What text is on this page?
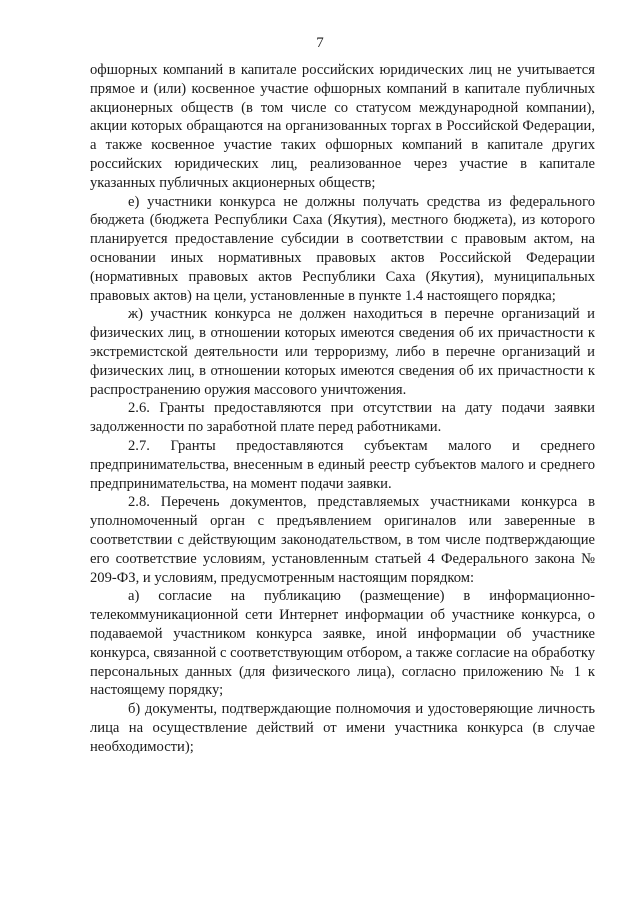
7

офшорных компаний в капитале российских юридических лиц не учитывается прямое и (или) косвенное участие офшорных компаний в капитале публичных акционерных обществ (в том числе со статусом международной компании), акции которых обращаются на организованных торгах в Российской Федерации, а также косвенное участие таких офшорных компаний в капитале других российских юридических лиц, реализованное через участие в капитале указанных публичных акционерных обществ;

е) участники конкурса не должны получать средства из федерального бюджета (бюджета Республики Саха (Якутия), местного бюджета), из которого планируется предоставление субсидии в соответствии с правовым актом, на основании иных нормативных правовых актов Российской Федерации (нормативных правовых актов Республики Саха (Якутия), муниципальных правовых актов) на цели, установленные в пункте 1.4 настоящего порядка;

ж) участник конкурса не должен находиться в перечне организаций и физических лиц, в отношении которых имеются сведения об их причастности к экстремистской деятельности или терроризму, либо в перечне организаций и физических лиц, в отношении которых имеются сведения об их причастности к распространению оружия массового уничтожения.

2.6. Гранты предоставляются при отсутствии на дату подачи заявки задолженности по заработной плате перед работниками.

2.7. Гранты предоставляются субъектам малого и среднего предпринимательства, внесенным в единый реестр субъектов малого и среднего предпринимательства, на момент подачи заявки.

2.8. Перечень документов, представляемых участниками конкурса в уполномоченный орган с предъявлением оригиналов или заверенные в соответствии с действующим законодательством, в том числе подтверждающие его соответствие условиям, установленным статьей 4 Федерального закона № 209-ФЗ, и условиям, предусмотренным настоящим порядком:

а) согласие на публикацию (размещение) в информационно-телекоммуникационной сети Интернет информации об участнике конкурса, о подаваемой участником конкурса заявке, иной информации об участнике конкурса, связанной с соответствующим отбором, а также согласие на обработку персональных данных (для физического лица), согласно приложению № 1 к настоящему порядку;

б) документы, подтверждающие полномочия и удостоверяющие личность лица на осуществление действий от имени участника конкурса (в случае необходимости);
